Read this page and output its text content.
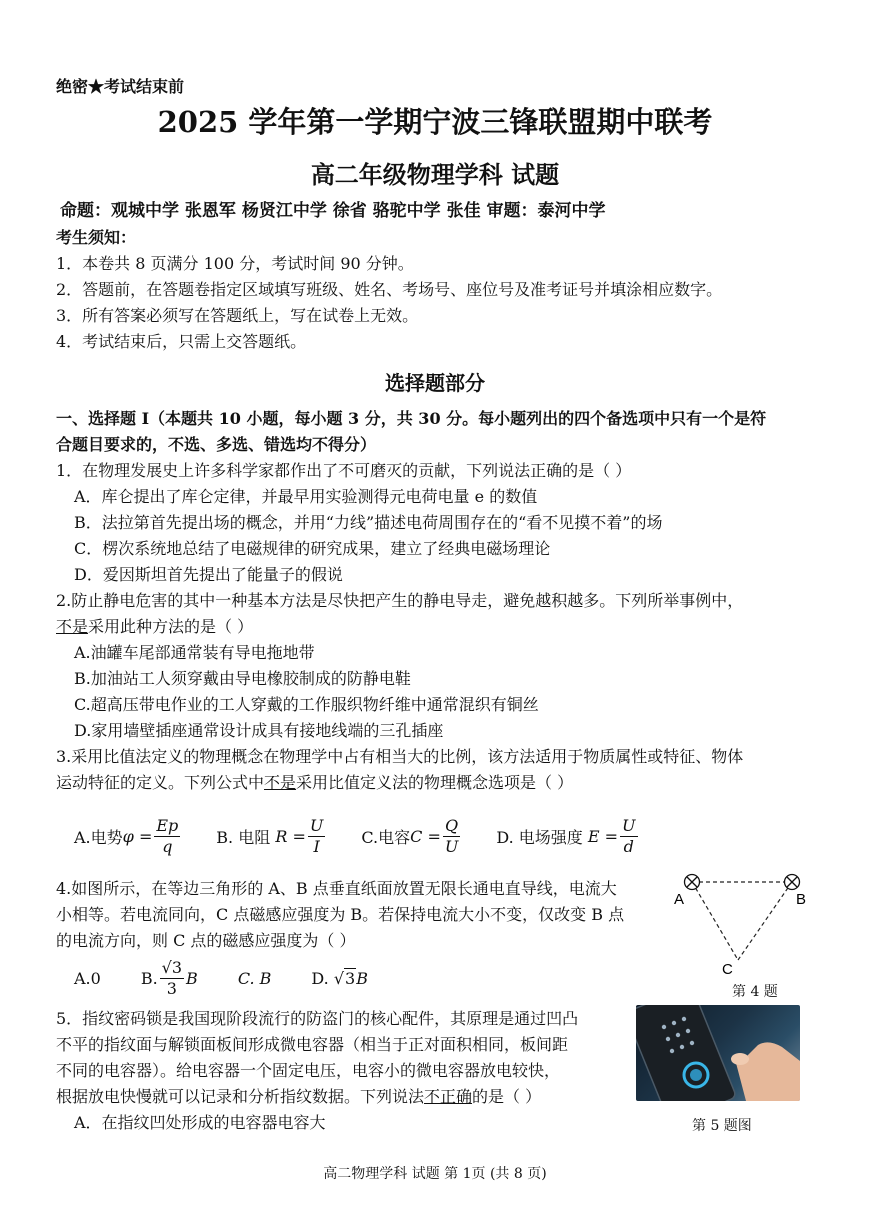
绝密★考试结束前
2025 学年第一学期宁波三锋联盟期中联考
高二年级物理学科 试题
命题：观城中学 张恩军 杨贤江中学 徐省 骆驼中学 张佳 审题：泰河中学
考生须知：
1．本卷共 8 页满分 100 分，考试时间 90 分钟。
2．答题前，在答题卷指定区域填写班级、姓名、考场号、座位号及准考证号并填涂相应数字。
3．所有答案必须写在答题纸上，写在试卷上无效。
4．考试结束后，只需上交答题纸。
选择题部分
一、选择题 I（本题共 10 小题，每小题 3 分，共 30 分。每小题列出的四个备选项中只有一个是符
合题目要求的，不选、多选、错选均不得分）
1．在物理发展史上许多科学家都作出了不可磨灭的贡献，下列说法正确的是（ ）
A．库仑提出了库仑定律，并最早用实验测得元电荷电量 e 的数值
B．法拉第首先提出场的概念，并用“力线”描述电荷周围存在的“看不见摸不着”的场
C．楞次系统地总结了电磁规律的研究成果，建立了经典电磁场理论
D．爱因斯坦首先提出了能量子的假说
2.防止静电危害的其中一种基本方法是尽快把产生的静电导走，避免越积越多。下列所举事例中，
不是采用此种方法的是（ ）
A.油罐车尾部通常装有导电拖地带
B.加油站工人须穿戴由导电橡胶制成的防静电鞋
C.超高压带电作业的工人穿戴的工作服织物纤维中通常混织有铜丝
D.家用墙壁插座通常设计成具有接地线端的三孔插座
3.采用比值法定义的物理概念在物理学中占有相当大的比例，该方法适用于物质属性或特征、物体
运动特征的定义。下列公式中不是采用比值定义法的物理概念选项是（ ）
A.电势 $\varphi = \frac{Ep}{q} B$. 电阻
$R = \frac{U}{I} C$.电容 $C = \frac{Q}{U} D$. 电场强度
$E = \frac{U}{d}$
4.如图所示，在等边三角形的 A、B 点垂直纸面放置无限长通电直导线，电流大
小相等。若电流同向，C 点磁感应强度为 B。若保持电流大小不变，仅改变 B 点
的电流方向，则 C 点的磁感应强度为（ ）
A.0	B. $\frac{√3}{3}$ B	C. B	D. √ 3 B
A	B
C
第 4 题
5．指纹密码锁是我国现阶段流行的防盗门的核心配件，其原理是通过凹凸
不平的指纹面与解锁面板间形成微电容器（相当于正对面积相同，板间距
不同的电容器）。给电容器一个固定电压，电容小的微电容器放电较快，
根据放电快慢就可以记录和分析指纹数据。下列说法不正确的是（ ）
A．在指纹凹处形成的电容器电容大	第 5 题图
高二物理学科 试题 第 1页 (共 8 页)
